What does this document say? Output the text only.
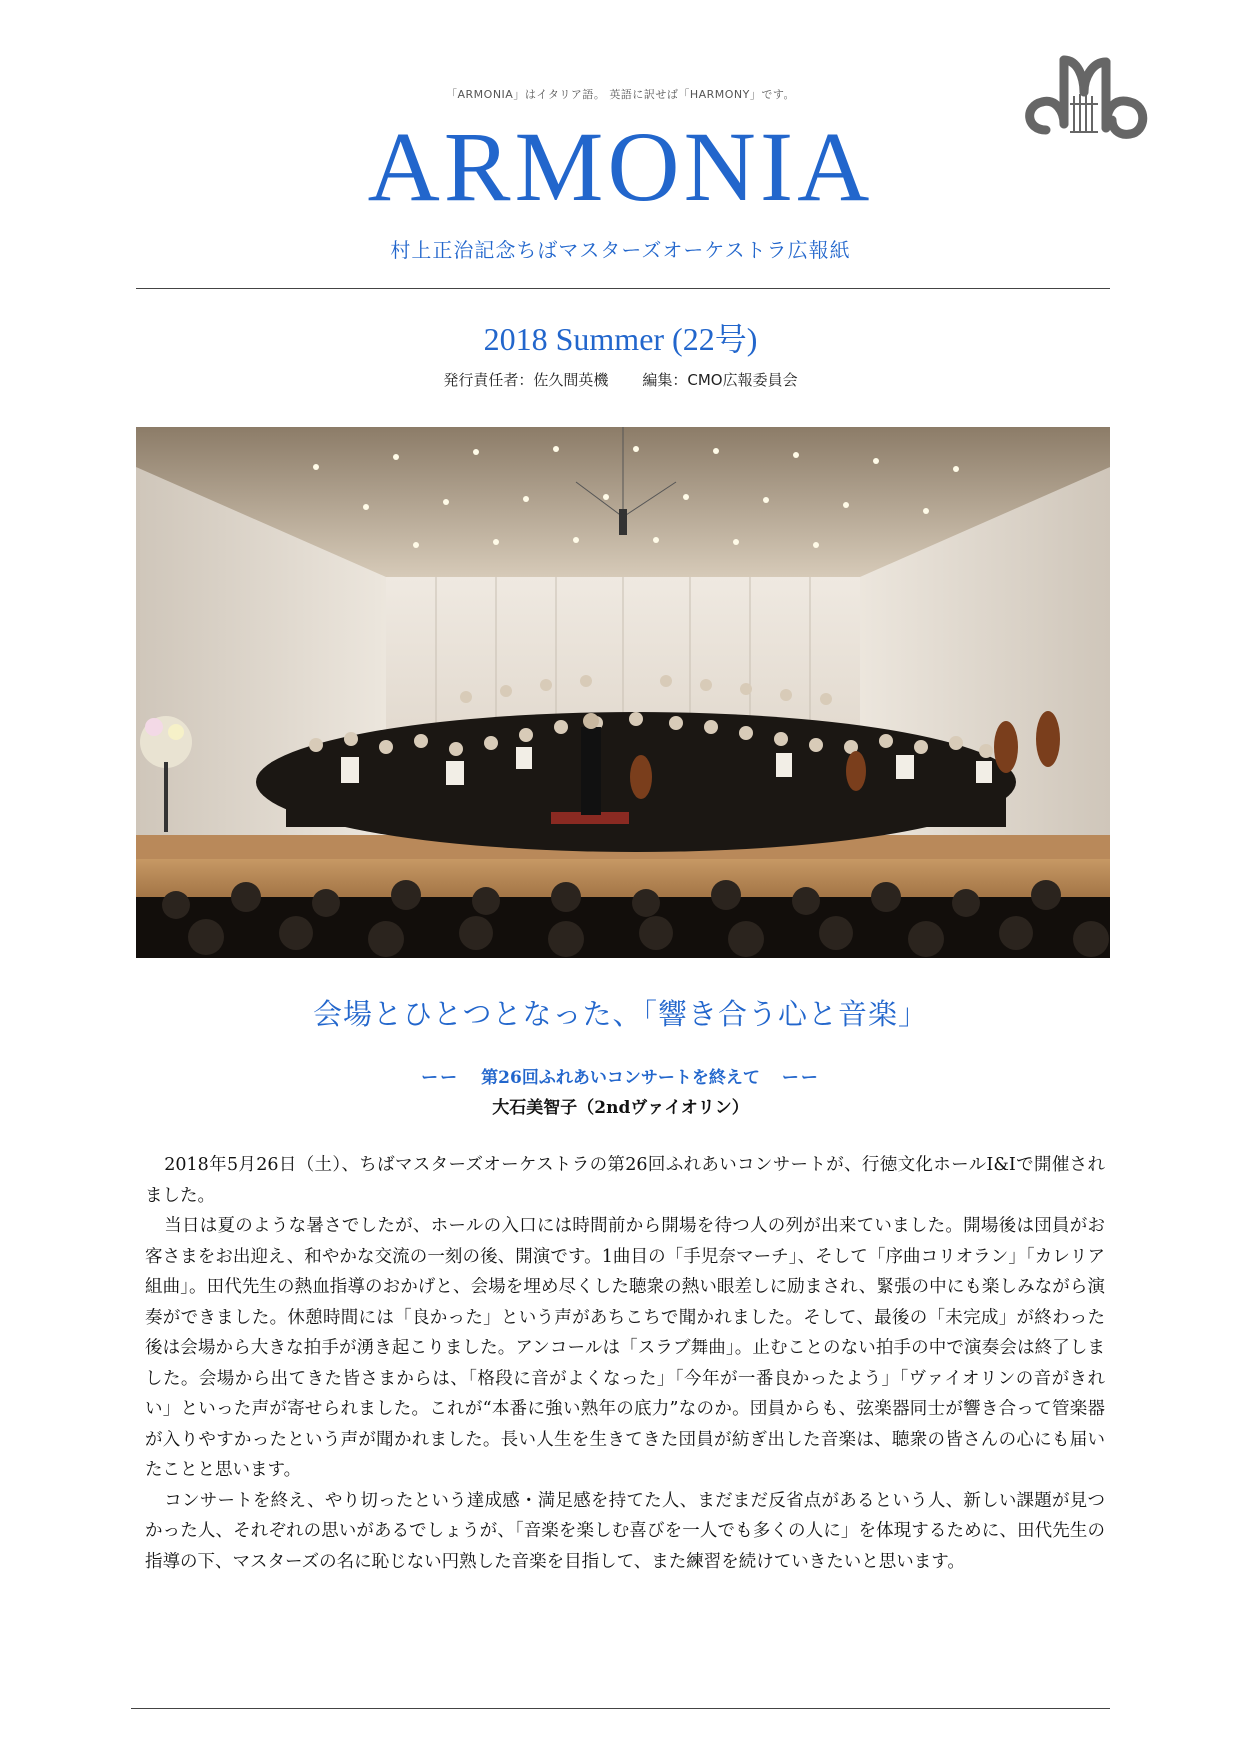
「ARMONIA」はイタリア語。 英語に訳せば「HARMONY」です。
ARMONIA
村上正治記念ちばマスターズオーケストラ広報紙
2018 Summer (22号)
発行責任者：佐久間英機 編集：CMO広報委員会
会場とひとつとなった、「響き合う心と音楽」
ーー 第26回ふれあいコンサートを終えて ーー
大石美智子（2ndヴァイオリン）

2018年5月26日（土）、ちばマスターズオーケストラの第26回ふれあいコンサートが、行徳文化ホールI&Iで開催されました。

当日は夏のような暑さでしたが、ホールの入口には時間前から開場を待つ人の列が出来ていました。開場後は団員がお客さまをお出迎え、和やかな交流の一刻の後、開演です。1曲目の「手児奈マーチ」、そして「序曲コリオラン」「カレリア組曲」。田代先生の熱血指導のおかげと、会場を埋め尽くした聴衆の熱い眼差しに励まされ、緊張の中にも楽しみながら演奏ができました。休憩時間には「良かった」という声があちこちで聞かれました。そして、最後の「未完成」が終わった後は会場から大きな拍手が湧き起こりました。アンコールは「スラブ舞曲」。止むことのない拍手の中で演奏会は終了しました。会場から出てきた皆さまからは、「格段に音がよくなった」「今年が一番良かったよう」「ヴァイオリンの音がきれい」といった声が寄せられました。これが“本番に強い熟年の底力”なのか。団員からも、弦楽器同士が響き合って管楽器が入りやすかったという声が聞かれました。長い人生を生きてきた団員が紡ぎ出した音楽は、聴衆の皆さんの心にも届いたことと思います。

コンサートを終え、やり切ったという達成感・満足感を持てた人、まだまだ反省点があるという人、新しい課題が見つかった人、それぞれの思いがあるでしょうが、「音楽を楽しむ喜びを一人でも多くの人に」を体現するために、田代先生の指導の下、マスターズの名に恥じない円熟した音楽を目指して、また練習を続けていきたいと思います。
